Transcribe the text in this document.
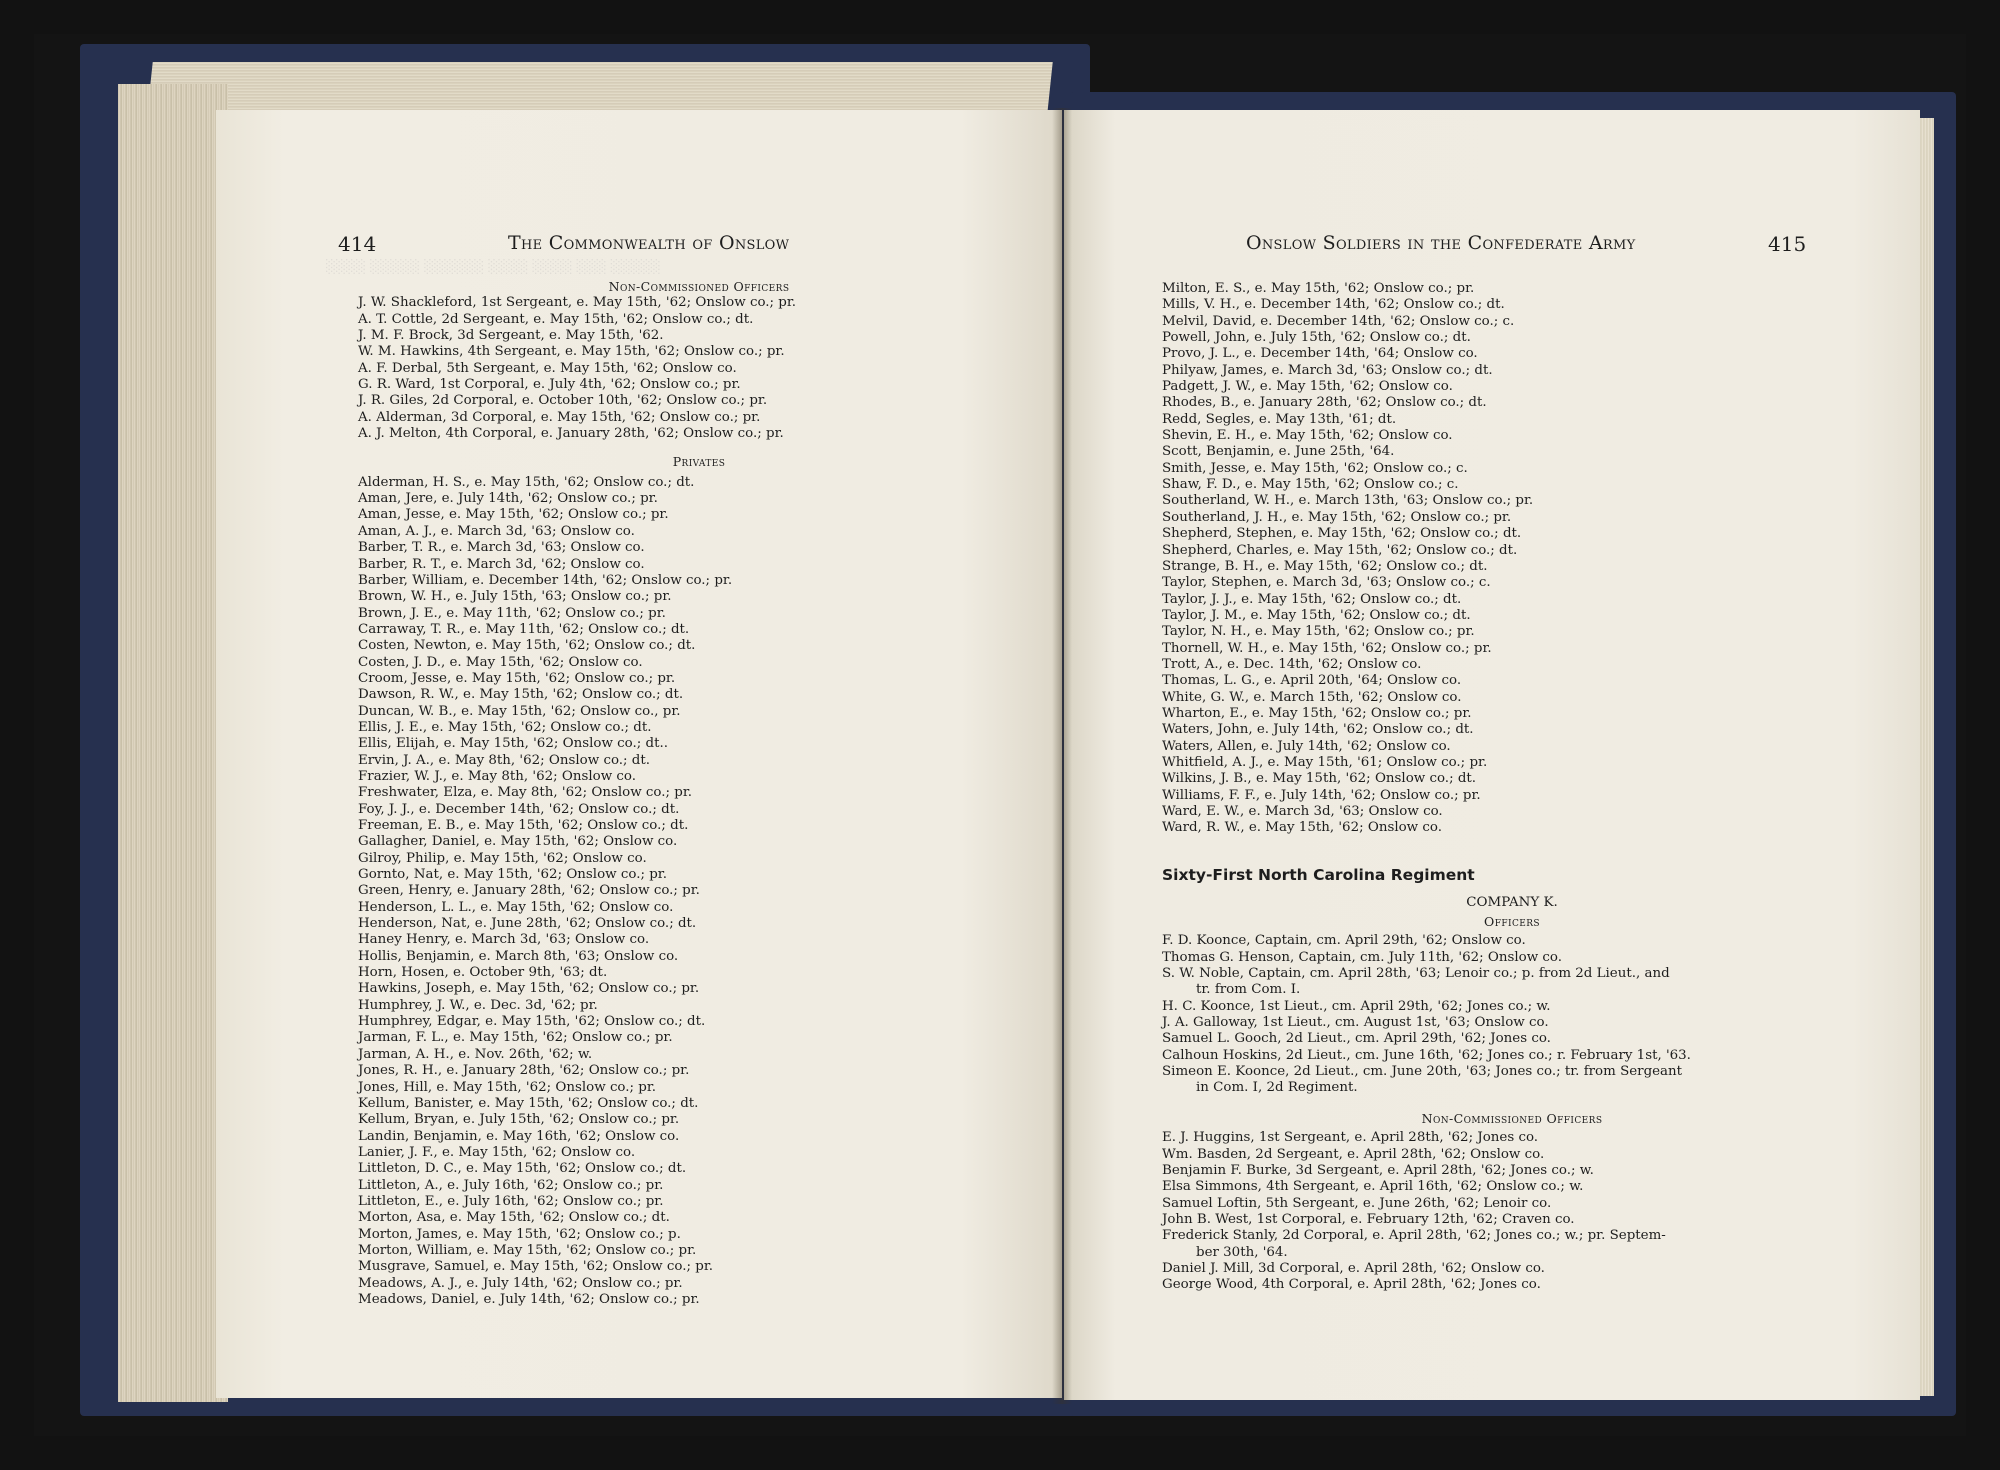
░░░░ ░░░░░ ░░░░░░ ░░░░ ░░░░ ░░░ ░░░░░
414	The Commonwealth of Onslow	Onslow Soldiers in the Confederate Army	415
Non-Commissioned Officers
J. W. Shackleford, 1st Sergeant, e. May 15th, '62; Onslow co.; pr.
A. T. Cottle, 2d Sergeant, e. May 15th, '62; Onslow co.; dt.
J. M. F. Brock, 3d Sergeant, e. May 15th, '62.
W. M. Hawkins, 4th Sergeant, e. May 15th, '62; Onslow co.; pr.
A. F. Derbal, 5th Sergeant, e. May 15th, '62; Onslow co.
G. R. Ward, 1st Corporal, e. July 4th, '62; Onslow co.; pr.
J. R. Giles, 2d Corporal, e. October 10th, '62; Onslow co.; pr.
A. Alderman, 3d Corporal, e. May 15th, '62; Onslow co.; pr.
A. J. Melton, 4th Corporal, e. January 28th, '62; Onslow co.; pr.
Privates
Alderman, H. S., e. May 15th, '62; Onslow co.; dt.
Aman, Jere, e. July 14th, '62; Onslow co.; pr.
Aman, Jesse, e. May 15th, '62; Onslow co.; pr.
Aman, A. J., e. March 3d, '63; Onslow co.
Barber, T. R., e. March 3d, '63; Onslow co.
Barber, R. T., e. March 3d, '62; Onslow co.
Barber, William, e. December 14th, '62; Onslow co.; pr.
Brown, W. H., e. July 15th, '63; Onslow co.; pr.
Brown, J. E., e. May 11th, '62; Onslow co.; pr.
Carraway, T. R., e. May 11th, '62; Onslow co.; dt.
Costen, Newton, e. May 15th, '62; Onslow co.; dt.
Costen, J. D., e. May 15th, '62; Onslow co.
Croom, Jesse, e. May 15th, '62; Onslow co.; pr.
Dawson, R. W., e. May 15th, '62; Onslow co.; dt.
Duncan, W. B., e. May 15th, '62; Onslow co., pr.
Ellis, J. E., e. May 15th, '62; Onslow co.; dt.
Ellis, Elijah, e. May 15th, '62; Onslow co.; dt..
Ervin, J. A., e. May 8th, '62; Onslow co.; dt.
Frazier, W. J., e. May 8th, '62; Onslow co.
Freshwater, Elza, e. May 8th, '62; Onslow co.; pr.
Foy, J. J., e. December 14th, '62; Onslow co.; dt.
Freeman, E. B., e. May 15th, '62; Onslow co.; dt.
Gallagher, Daniel, e. May 15th, '62; Onslow co.
Gilroy, Philip, e. May 15th, '62; Onslow co.
Gornto, Nat, e. May 15th, '62; Onslow co.; pr.
Green, Henry, e. January 28th, '62; Onslow co.; pr.
Henderson, L. L., e. May 15th, '62; Onslow co.
Henderson, Nat, e. June 28th, '62; Onslow co.; dt.
Haney Henry, e. March 3d, '63; Onslow co.
Hollis, Benjamin, e. March 8th, '63; Onslow co.
Horn, Hosen, e. October 9th, '63; dt.
Hawkins, Joseph, e. May 15th, '62; Onslow co.; pr.
Humphrey, J. W., e. Dec. 3d, '62; pr.
Humphrey, Edgar, e. May 15th, '62; Onslow co.; dt.
Jarman, F. L., e. May 15th, '62; Onslow co.; pr.
Jarman, A. H., e. Nov. 26th, '62; w.
Jones, R. H., e. January 28th, '62; Onslow co.; pr.
Jones, Hill, e. May 15th, '62; Onslow co.; pr.
Kellum, Banister, e. May 15th, '62; Onslow co.; dt.
Kellum, Bryan, e. July 15th, '62; Onslow co.; pr.
Landin, Benjamin, e. May 16th, '62; Onslow co.
Lanier, J. F., e. May 15th, '62; Onslow co.
Littleton, D. C., e. May 15th, '62; Onslow co.; dt.
Littleton, A., e. July 16th, '62; Onslow co.; pr.
Littleton, E., e. July 16th, '62; Onslow co.; pr.
Morton, Asa, e. May 15th, '62; Onslow co.; dt.
Morton, James, e. May 15th, '62; Onslow co.; p.
Morton, William, e. May 15th, '62; Onslow co.; pr.
Musgrave, Samuel, e. May 15th, '62; Onslow co.; pr.
Meadows, A. J., e. July 14th, '62; Onslow co.; pr.
Meadows, Daniel, e. July 14th, '62; Onslow co.; pr.
Milton, E. S., e. May 15th, '62; Onslow co.; pr.
Mills, V. H., e. December 14th, '62; Onslow co.; dt.
Melvil, David, e. December 14th, '62; Onslow co.; c.
Powell, John, e. July 15th, '62; Onslow co.; dt.
Provo, J. L., e. December 14th, '64; Onslow co.
Philyaw, James, e. March 3d, '63; Onslow co.; dt.
Padgett, J. W., e. May 15th, '62; Onslow co.
Rhodes, B., e. January 28th, '62; Onslow co.; dt.
Redd, Segles, e. May 13th, '61; dt.
Shevin, E. H., e. May 15th, '62; Onslow co.
Scott, Benjamin, e. June 25th, '64.
Smith, Jesse, e. May 15th, '62; Onslow co.; c.
Shaw, F. D., e. May 15th, '62; Onslow co.; c.
Southerland, W. H., e. March 13th, '63; Onslow co.; pr.
Southerland, J. H., e. May 15th, '62; Onslow co.; pr.
Shepherd, Stephen, e. May 15th, '62; Onslow co.; dt.
Shepherd, Charles, e. May 15th, '62; Onslow co.; dt.
Strange, B. H., e. May 15th, '62; Onslow co.; dt.
Taylor, Stephen, e. March 3d, '63; Onslow co.; c.
Taylor, J. J., e. May 15th, '62; Onslow co.; dt.
Taylor, J. M., e. May 15th, '62; Onslow co.; dt.
Taylor, N. H., e. May 15th, '62; Onslow co.; pr.
Thornell, W. H., e. May 15th, '62; Onslow co.; pr.
Trott, A., e. Dec. 14th, '62; Onslow co.
Thomas, L. G., e. April 20th, '64; Onslow co.
White, G. W., e. March 15th, '62; Onslow co.
Wharton, E., e. May 15th, '62; Onslow co.; pr.
Waters, John, e. July 14th, '62; Onslow co.; dt.
Waters, Allen, e. July 14th, '62; Onslow co.
Whitfield, A. J., e. May 15th, '61; Onslow co.; pr.
Wilkins, J. B., e. May 15th, '62; Onslow co.; dt.
Williams, F. F., e. July 14th, '62; Onslow co.; pr.
Ward, E. W., e. March 3d, '63; Onslow co.
Ward, R. W., e. May 15th, '62; Onslow co.
Sixty-First North Carolina Regiment
COMPANY K.
Officers
F. D. Koonce, Captain, cm. April 29th, '62; Onslow co.
Thomas G. Henson, Captain, cm. July 11th, '62; Onslow co.
S. W. Noble, Captain, cm. April 28th, '63; Lenoir co.; p. from 2d Lieut., and
tr. from Com. I.
H. C. Koonce, 1st Lieut., cm. April 29th, '62; Jones co.; w.
J. A. Galloway, 1st Lieut., cm. August 1st, '63; Onslow co.
Samuel L. Gooch, 2d Lieut., cm. April 29th, '62; Jones co.
Calhoun Hoskins, 2d Lieut., cm. June 16th, '62; Jones co.; r. February 1st, '63.
Simeon E. Koonce, 2d Lieut., cm. June 20th, '63; Jones co.; tr. from Sergeant
in Com. I, 2d Regiment.
Non-Commissioned Officers
E. J. Huggins, 1st Sergeant, e. April 28th, '62; Jones co.
Wm. Basden, 2d Sergeant, e. April 28th, '62; Onslow co.
Benjamin F. Burke, 3d Sergeant, e. April 28th, '62; Jones co.; w.
Elsa Simmons, 4th Sergeant, e. April 16th, '62; Onslow co.; w.
Samuel Loftin, 5th Sergeant, e. June 26th, '62; Lenoir co.
John B. West, 1st Corporal, e. February 12th, '62; Craven co.
Frederick Stanly, 2d Corporal, e. April 28th, '62; Jones co.; w.; pr. Septem-
ber 30th, '64.
Daniel J. Mill, 3d Corporal, e. April 28th, '62; Onslow co.
George Wood, 4th Corporal, e. April 28th, '62; Jones co.
